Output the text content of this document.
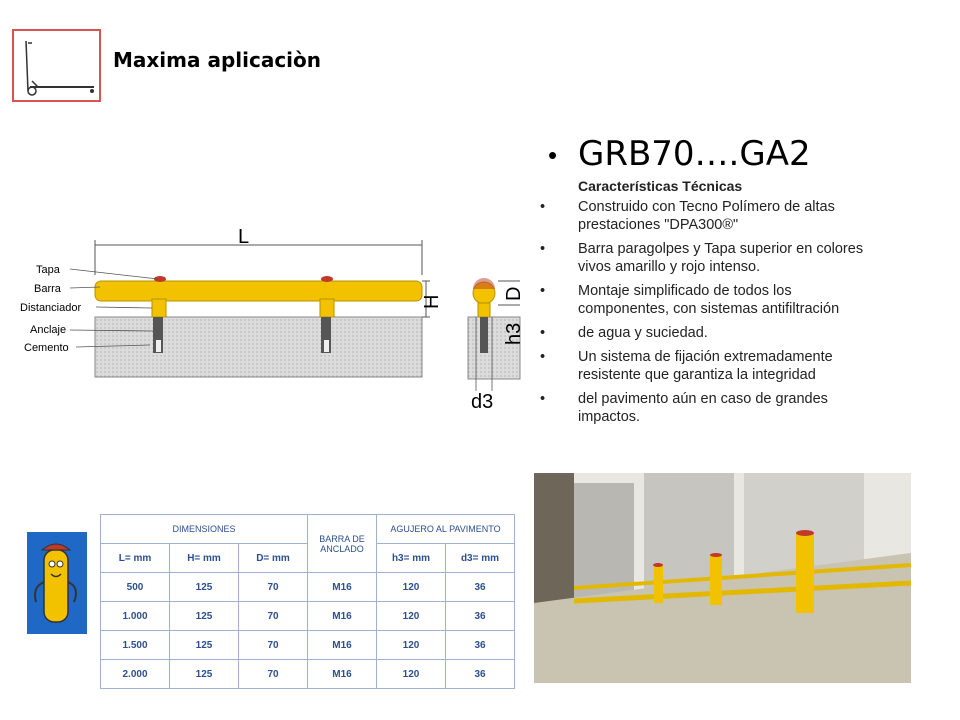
Maxima aplicaciòn
L
H
Tapa
Barra
Distanciador
Anclaje
Cemento
D
h3
d3
• GRB70….GA2
Características Técnicas
• Construido con Tecno Polímero de altas prestaciones "DPA300®"
• Barra paragolpes y Tapa superior en colores vivos amarillo y rojo intenso.
• Montaje simplificado de todos los componentes, con sistemas antifiltración
• de agua y suciedad.
• Un sistema de fijación extremadamente resistente que garantiza la integridad
• del pavimento aún en caso de grandes impactos.
DIMENSIONES			BARRA DE ANCLADO	AGUJERO AL PAVIMENTO	
L= mm	H= mm	D= mm		h3= mm	d3= mm
500	125	70	M16	120	36
1.000	125	70	M16	120	36
1.500	125	70	M16	120	36
2.000	125	70	M16	120	36
